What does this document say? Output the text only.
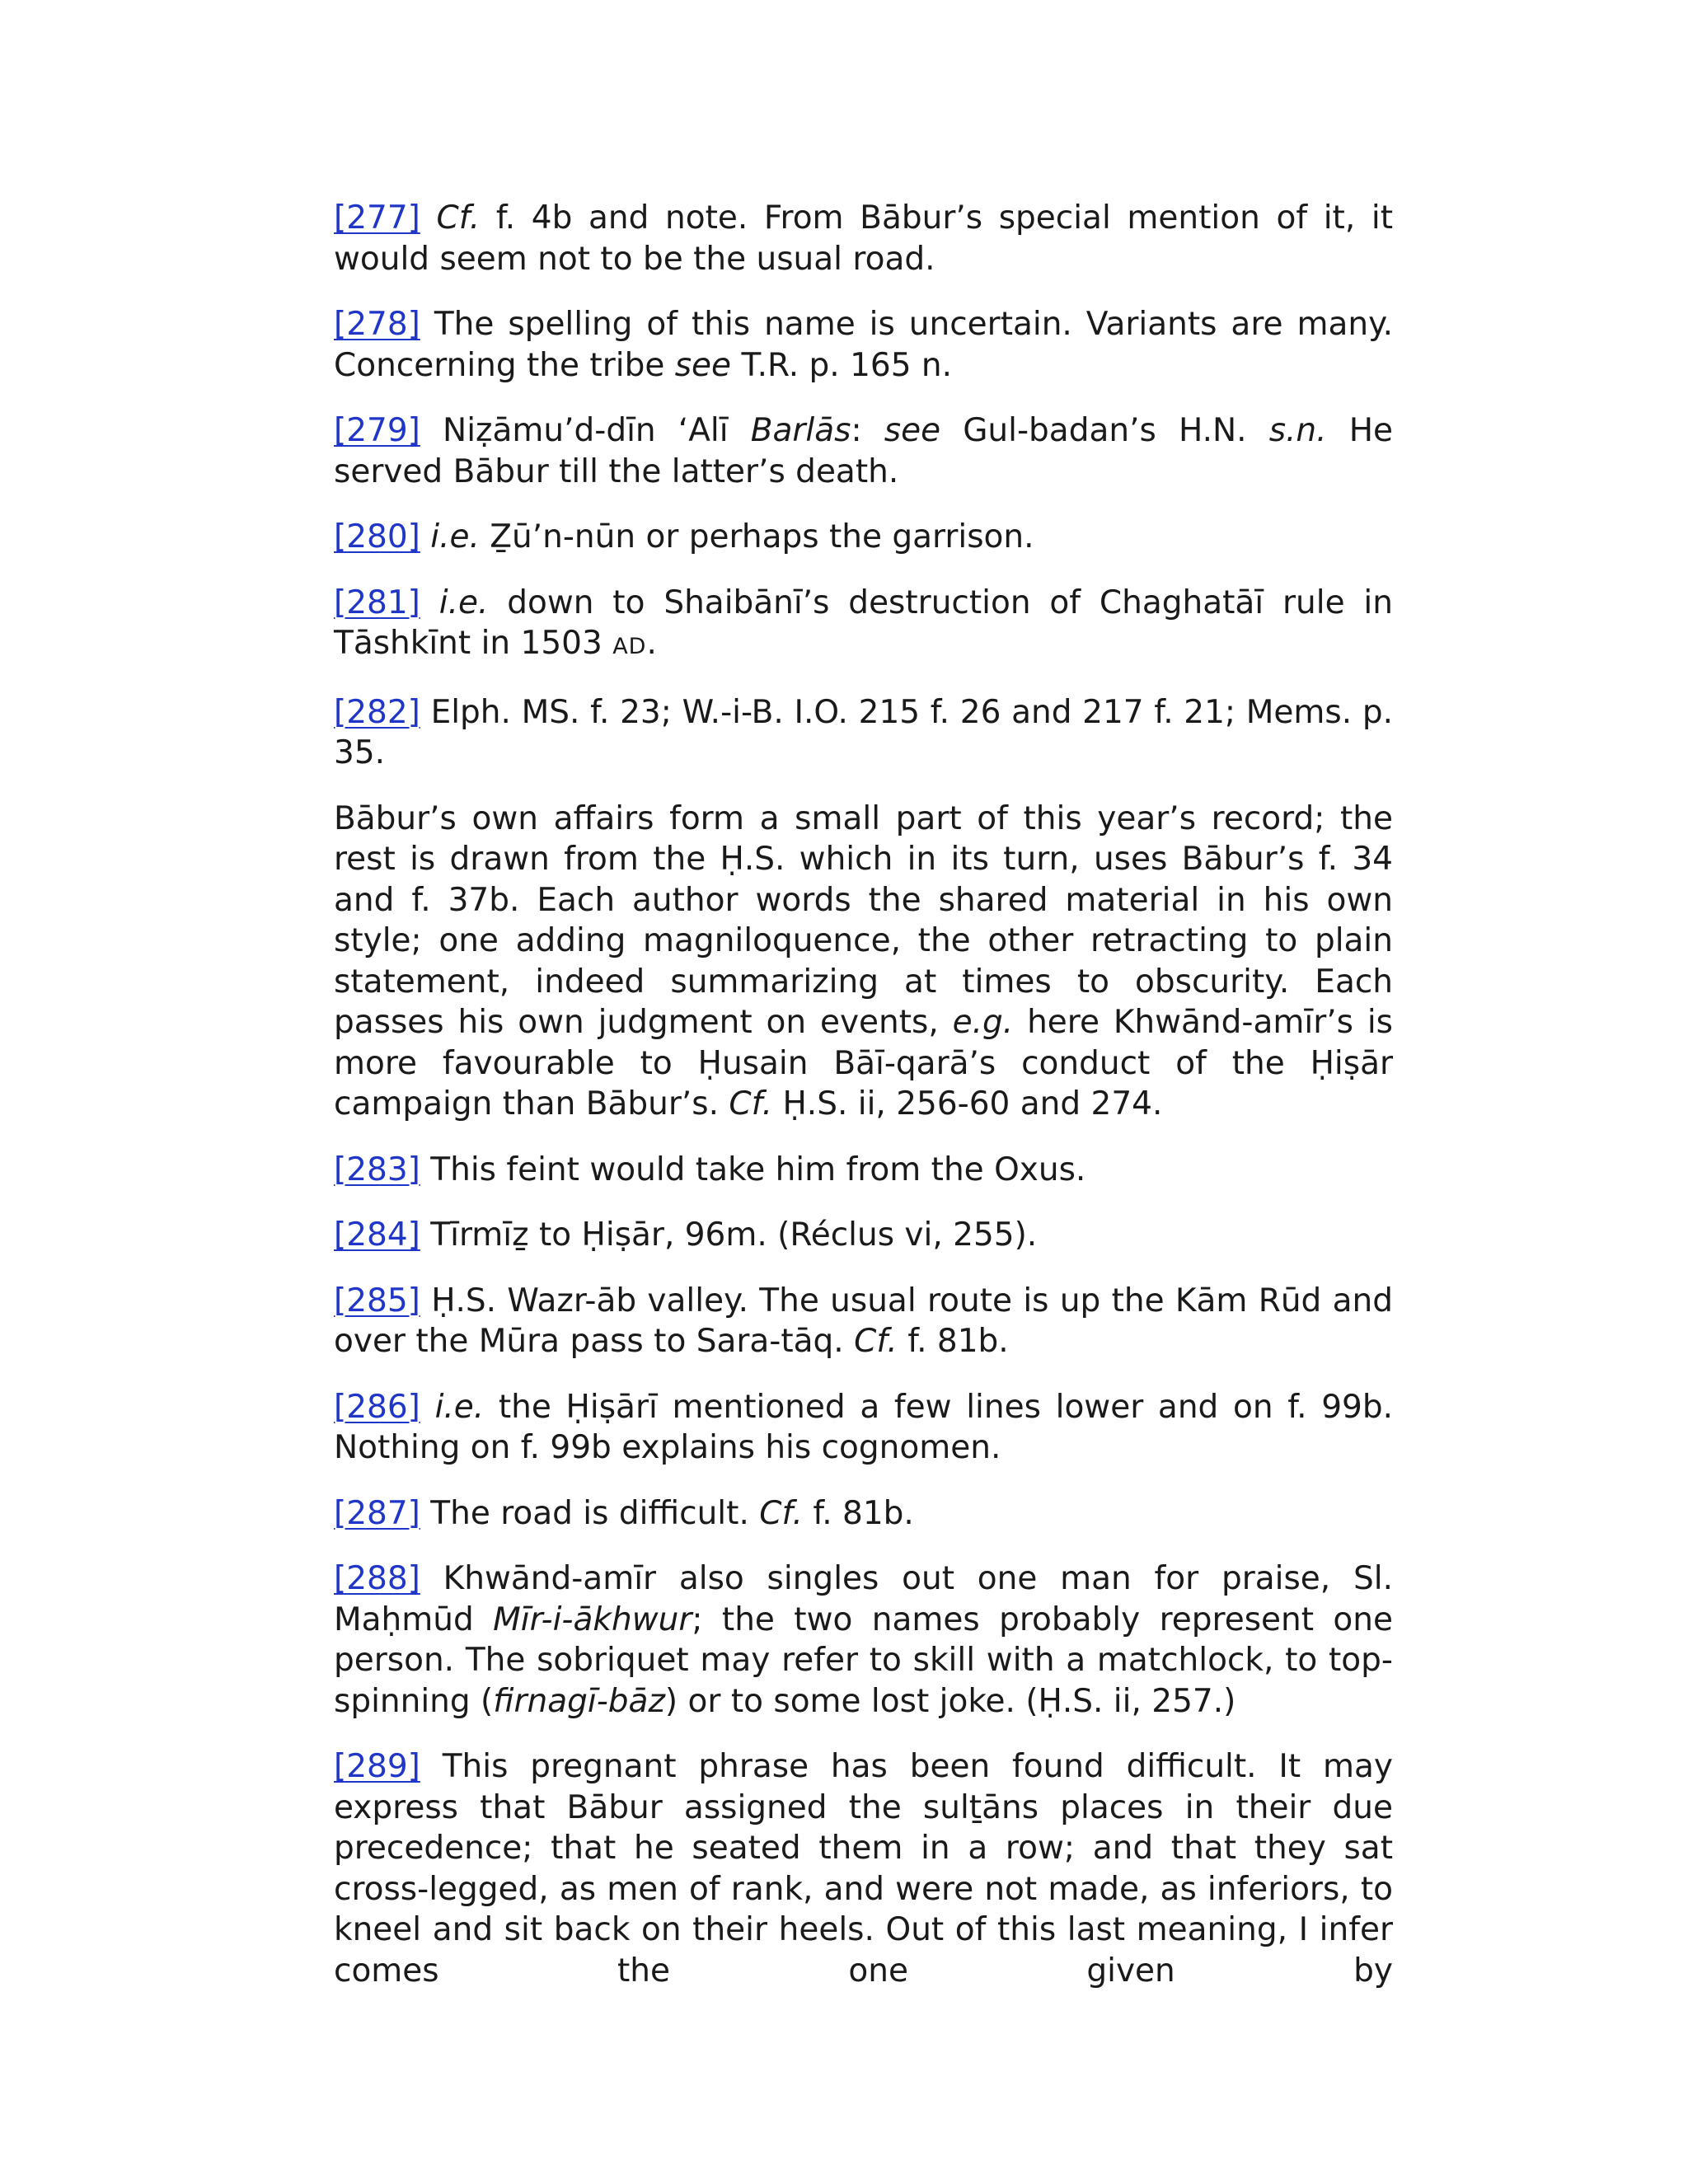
[277] Cf. f. 4b and note. From Bābur’s special mention of it, it would seem not to be the usual road.

[278] The spelling of this name is uncertain. Variants are many. Concerning the tribe see T.R. p. 165 n.

[279] Niẓāmu’d-dīn ‘Alī Barlās: see Gul-badan’s H.N. s.n. He served Bābur till the latter’s death.

[280] i.e. Ẕū’n-nūn or perhaps the garrison.

[281] i.e. down to Shaibānī’s destruction of Chaghatāī rule in Tāshkīnt in 1503 AD.

[282] Elph. MS. f. 23; W.-i-B. I.O. 215 f. 26 and 217 f. 21; Mems. p. 35.

Bābur’s own affairs form a small part of this year’s record; the rest is drawn from the Ḥ.S. which in its turn, uses Bābur’s f. 34 and f. 37b. Each author words the shared material in his own style; one adding magniloquence, the other retracting to plain statement, indeed summarizing at times to obscurity. Each passes his own judgment on events, e.g. here Khwānd-amīr’s is more favourable to Ḥusain Bāī-qarā’s conduct of the Ḥiṣār campaign than Bābur’s. Cf. Ḥ.S. ii, 256-60 and 274.

[283] This feint would take him from the Oxus.

[284] Tīrmīẕ to Ḥiṣār, 96m. (Réclus vi, 255).

[285] Ḥ.S. Wazr-āb valley. The usual route is up the Kām Rūd and over the Mūra pass to Sara-tāq. Cf. f. 81b.

[286] i.e. the Ḥiṣārī mentioned a few lines lower and on f. 99b. Nothing on f. 99b explains his cognomen.

[287] The road is difficult. Cf. f. 81b.

[288] Khwānd-amīr also singles out one man for praise, Sl. Maḥmūd Mīr-i-ākhwur; the two names probably represent one person. The sobriquet may refer to skill with a matchlock, to top-spinning (firnagī-bāz) or to some lost joke. (Ḥ.S. ii, 257.)

[289] This pregnant phrase has been found difficult. It may express that Bābur assigned the sulṯāns places in their due precedence; that he seated them in a row; and that they sat cross-legged, as men of rank, and were not made, as inferiors, to kneel and sit back on their heels. Out of this last meaning, I infer comes the one given by
